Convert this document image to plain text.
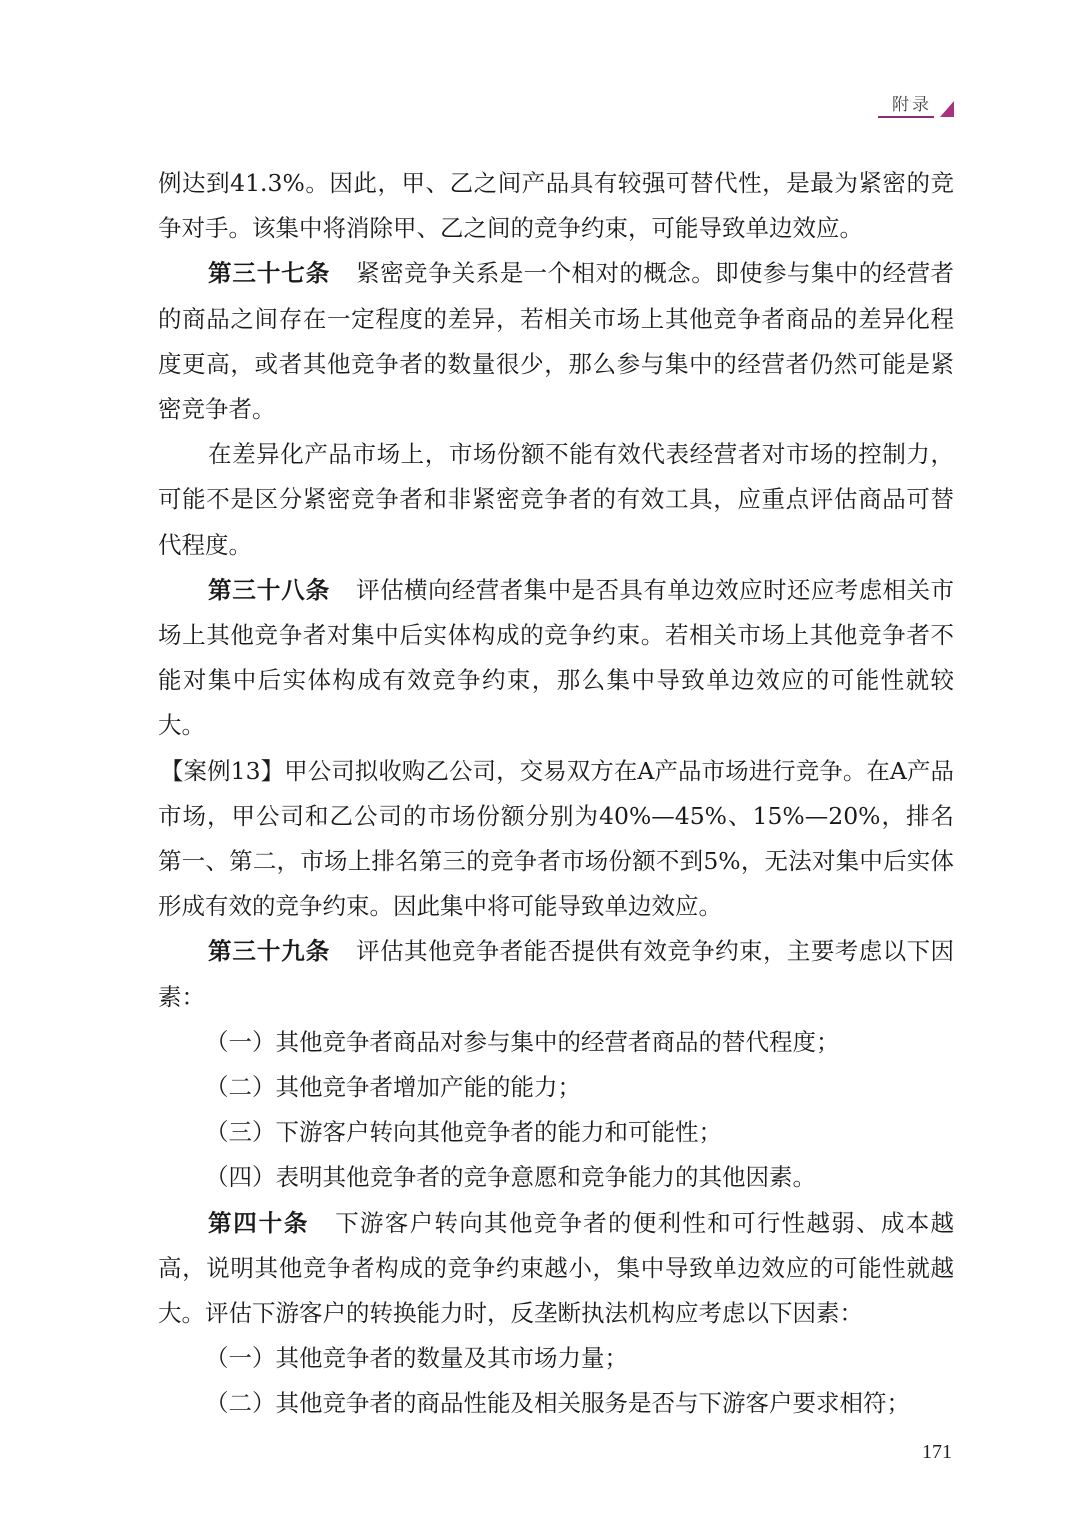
附录

例达到41.3%。因此，甲、乙之间产品具有较强可替代性，是最为紧密的竞争对手。该集中将消除甲、乙之间的竞争约束，可能导致单边效应。

第三十七条 紧密竞争关系是一个相对的概念。即使参与集中的经营者的商品之间存在一定程度的差异，若相关市场上其他竞争者商品的差异化程度更高，或者其他竞争者的数量很少，那么参与集中的经营者仍然可能是紧密竞争者。

在差异化产品市场上，市场份额不能有效代表经营者对市场的控制力，可能不是区分紧密竞争者和非紧密竞争者的有效工具，应重点评估商品可替代程度。

第三十八条 评估横向经营者集中是否具有单边效应时还应考虑相关市场上其他竞争者对集中后实体构成的竞争约束。若相关市场上其他竞争者不能对集中后实体构成有效竞争约束，那么集中导致单边效应的可能性就较大。

【案例13】甲公司拟收购乙公司，交易双方在A产品市场进行竞争。在A产品市场，甲公司和乙公司的市场份额分别为40%—45%、15%—20%，排名第一、第二，市场上排名第三的竞争者市场份额不到5%，无法对集中后实体形成有效的竞争约束。因此集中将可能导致单边效应。

第三十九条 评估其他竞争者能否提供有效竞争约束，主要考虑以下因素：

（一）其他竞争者商品对参与集中的经营者商品的替代程度；

（二）其他竞争者增加产能的能力；

（三）下游客户转向其他竞争者的能力和可能性；

（四）表明其他竞争者的竞争意愿和竞争能力的其他因素。

第四十条 下游客户转向其他竞争者的便利性和可行性越弱、成本越高，说明其他竞争者构成的竞争约束越小，集中导致单边效应的可能性就越大。评估下游客户的转换能力时，反垄断执法机构应考虑以下因素：

（一）其他竞争者的数量及其市场力量；

（二）其他竞争者的商品性能及相关服务是否与下游客户要求相符；

171
